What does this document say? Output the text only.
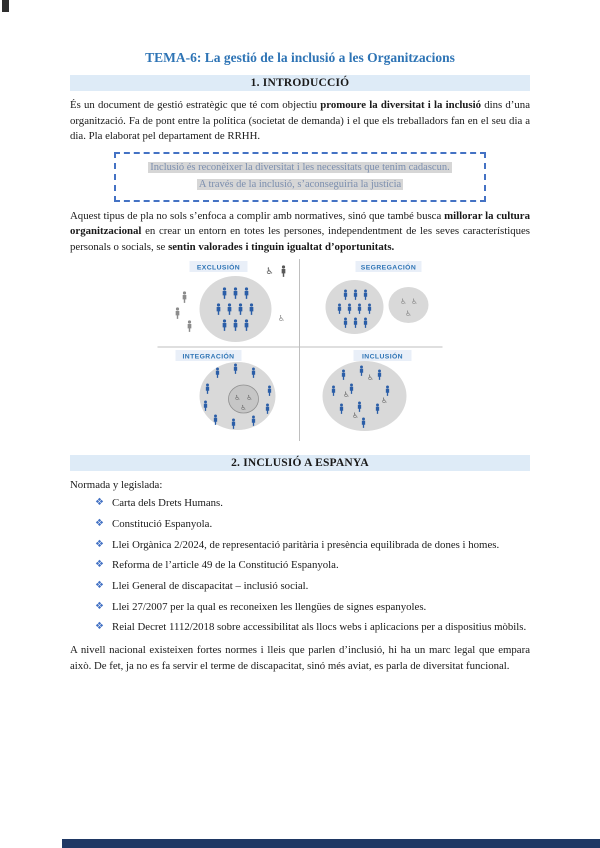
TEMA-6: La gestió de la inclusió a les Organitzacions
1. INTRODUCCIÓ

És un document de gestió estratègic que té com objectiu promoure la diversitat i la inclusió dins d’una organització. Fa de pont entre la política (societat de demanda) i el que els treballadors fan en el seu dia a dia. Pla elaborat pel departament de RRHH.

Inclusió és reconèixer la diversitat i les necessitats que tenim cadascun.
A través de la inclusió, s’aconseguiria la justícia

Aquest tipus de pla no sols s’enfoca a complir amb normatives, sinó que també busca millorar la cultura organitzacional en crear un entorn en totes les persones, independentment de les seves característiques personals o socials, se sentin valorades i tinguin igualtat d’oportunitats.

EXCLUSIÓN	SEGREGACIÓN
INTEGRACIÓN	INCLUSIÓN
♿
♿
♿ ♿
♿
♿ ♿
♿
♿
♿
♿
♿
2. INCLUSIÓ A ESPANYA

Normada y legislada:

❖ Carta dels Drets Humans.
❖ Constitució Espanyola.
❖ Llei Orgànica 2/2024, de representació paritària i presència equilibrada de dones i homes.
❖ Reforma de l’article 49 de la Constitució Espanyola.
❖ Llei General de discapacitat – inclusió social.
❖ Llei 27/2007 per la qual es reconeixen les llengües de signes espanyoles.
❖ Reial Decret 1112/2018 sobre accessibilitat als llocs webs i aplicacions per a dispositius mòbils.

A nivell nacional existeixen fortes normes i lleis que parlen d’inclusió, hi ha un marc legal que empara això. De fet, ja no es fa servir el terme de discapacitat, sinó més aviat, es parla de diversitat funcional.
